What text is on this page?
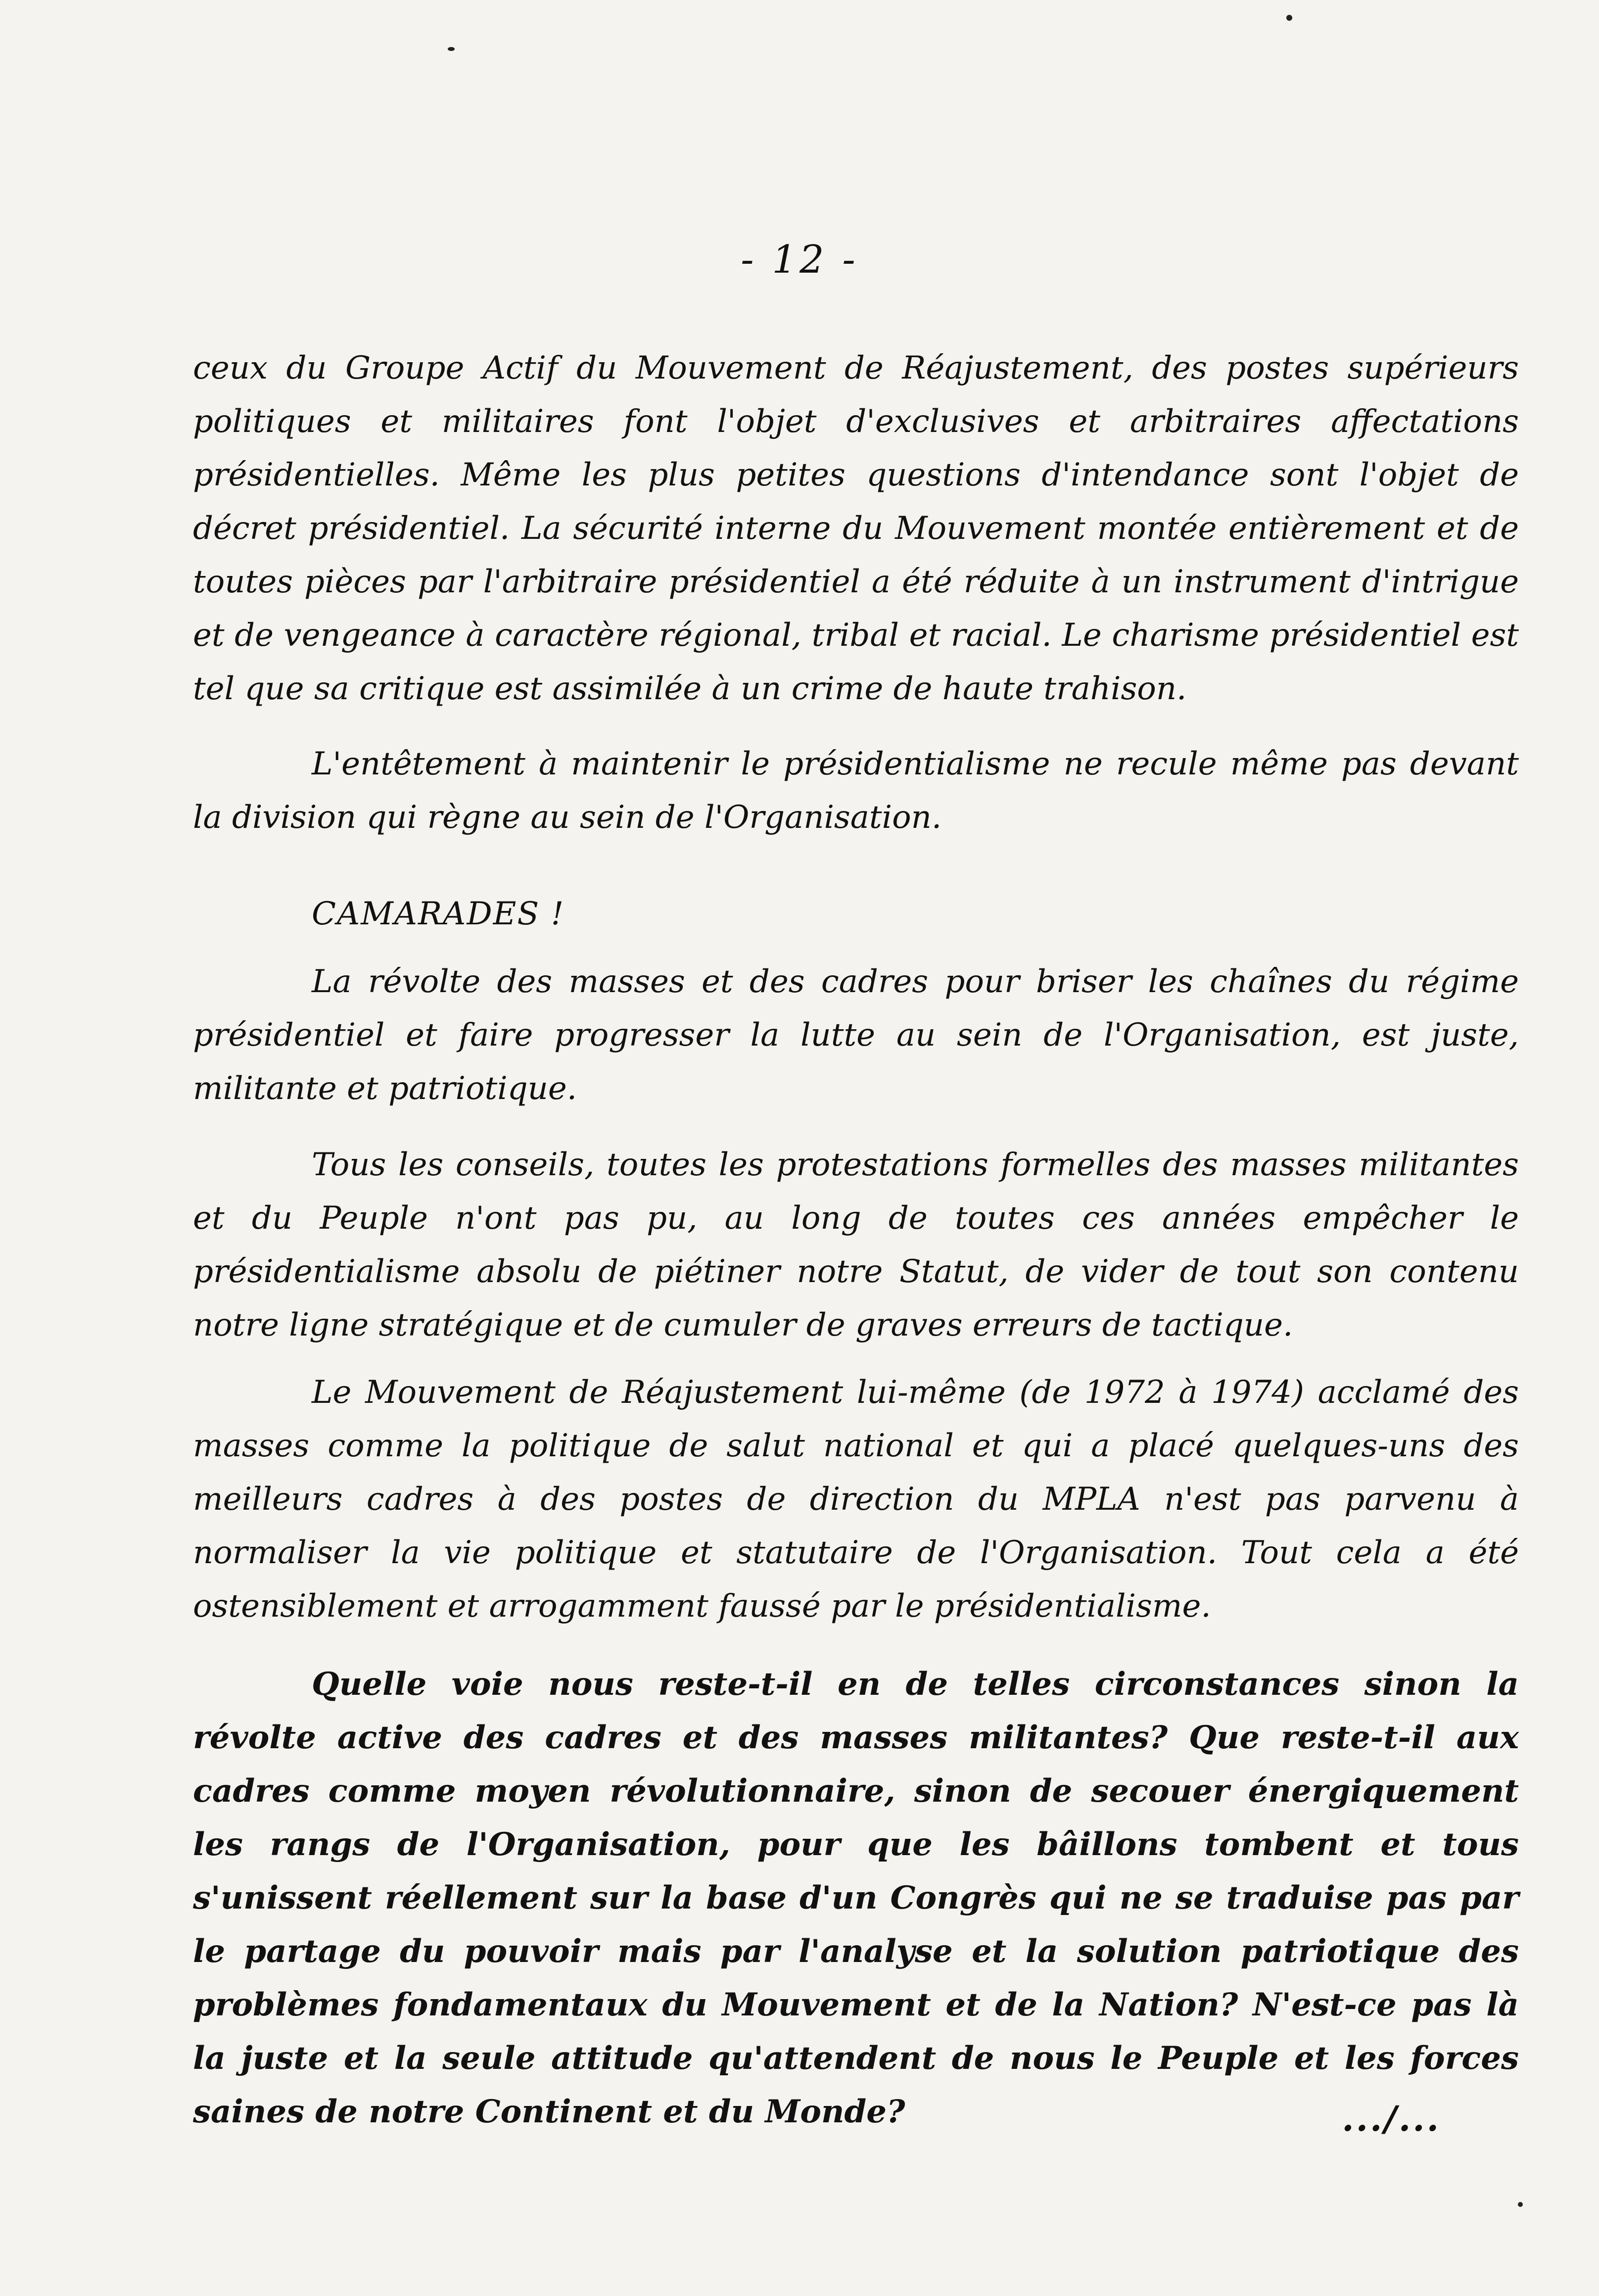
- 12 -

ceux du Groupe Actif du Mouvement de Réajustement, des postes supérieurs politiques et militaires font l'objet d'exclusives et arbitraires affectations présidentielles. Même les plus petites questions d'intendance sont l'objet de décret présidentiel. La sécurité interne du Mouvement montée entièrement et de toutes pièces par l'arbitraire présidentiel a été réduite à un instrument d'intrigue et de vengeance à caractère régional, tribal et racial. Le charisme présidentiel est tel que sa critique est assimilée à un crime de haute trahison.

L'entêtement à maintenir le présidentialisme ne recule même pas devant la division qui règne au sein de l'Organisation.

CAMARADES !

La révolte des masses et des cadres pour briser les chaînes du régime présidentiel et faire progresser la lutte au sein de l'Organisation, est juste, militante et patriotique.

Tous les conseils, toutes les protestations formelles des masses militantes et du Peuple n'ont pas pu, au long de toutes ces années empêcher le présidentialisme absolu de piétiner notre Statut, de vider de tout son contenu notre ligne stratégique et de cumuler de graves erreurs de tactique.

Le Mouvement de Réajustement lui-même (de 1972 à 1974) acclamé des masses comme la politique de salut national et qui a placé quelques-uns des meilleurs cadres à des postes de direction du MPLA n'est pas parvenu à normaliser la vie politique et statutaire de l'Organisation. Tout cela a été ostensiblement et arrogamment faussé par le présidentialisme.

Quelle voie nous reste-t-il en de telles circonstances sinon la révolte active des cadres et des masses militantes? Que reste-t-il aux cadres comme moyen révolutionnaire, sinon de secouer énergiquement les rangs de l'Organisation, pour que les bâillons tombent et tous s'unissent réellement sur la base d'un Congrès qui ne se traduise pas par le partage du pouvoir mais par l'analyse et la solution patriotique des problèmes fondamentaux du Mouvement et de la Nation? N'est-ce pas là la juste et la seule attitude qu'attendent de nous le Peuple et les forces saines de notre Continent et du Monde?	.../...
